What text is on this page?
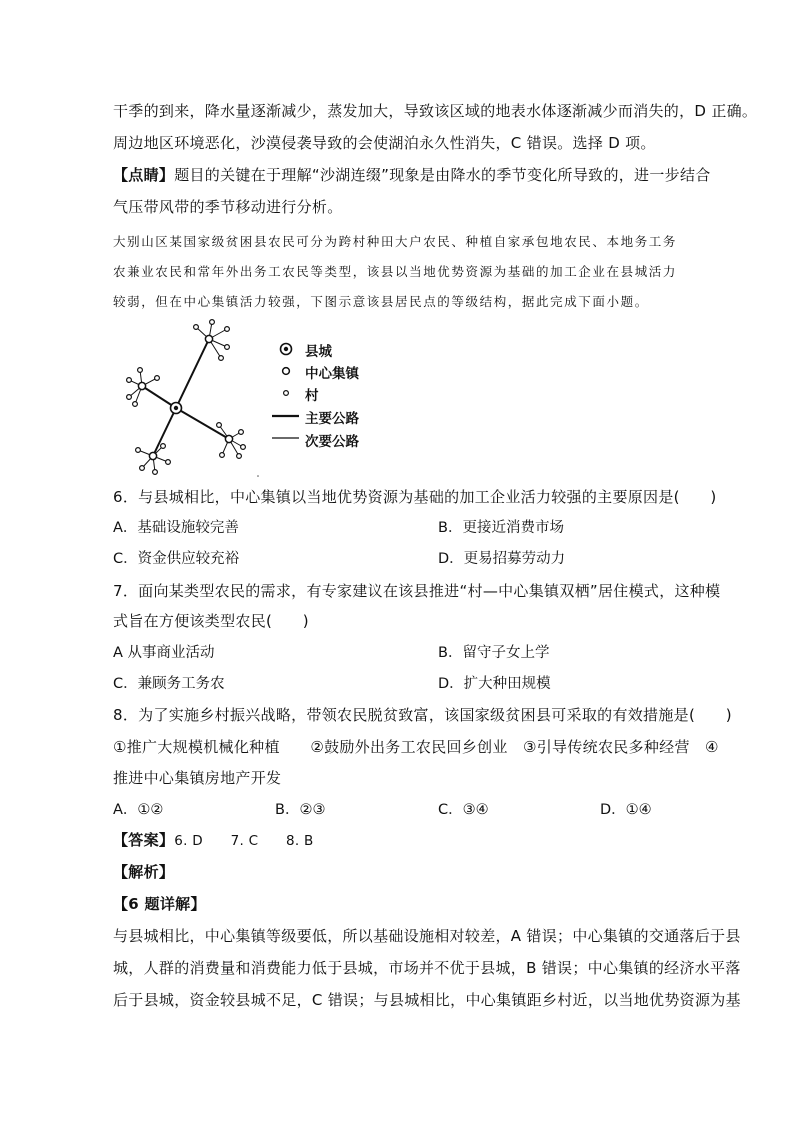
干季的到来，降水量逐渐减少，蒸发加大，导致该区域的地表水体逐渐减少而消失的，D 正确。
周边地区环境恶化，沙漠侵袭导致的会使湖泊永久性消失，C 错误。选择 D 项。
【点睛】题目的关键在于理解“沙湖连缀”现象是由降水的季节变化所导致的，进一步结合
气压带风带的季节移动进行分析。
大别山区某国家级贫困县农民可分为跨村种田大户农民、种植自家承包地农民、本地务工务
农兼业农民和常年外出务工农民等类型，该县以当地优势资源为基础的加工企业在县城活力
较弱，但在中心集镇活力较强，下图示意该县居民点的等级结构，据此完成下面小题。
县城
中心集镇
村
主要公路
次要公路
6．与县城相比，中心集镇以当地优势资源为基础的加工企业活力较强的主要原因是(　　)
A．基础设施较完善	B．更接近消费市场
C．资金供应较充裕	D．更易招募劳动力
7．面向某类型农民的需求，有专家建议在该县推进“村—中心集镇双栖”居住模式，这种模
式旨在方便该类型农民(　　)
A 从事商业活动	B．留守子女上学
C．兼顾务工务农	D．扩大种田规模
8．为了实施乡村振兴战略，带领农民脱贫致富，该国家级贫困县可采取的有效措施是(　　)
①推广大规模机械化种植　　②鼓励外出务工农民回乡创业　③引导传统农民多种经营　④
推进中心集镇房地产开发
A．①②	B．②③	C．③④	D．①④
【答案】6. D　　7. C　　8. B
【解析】
【6 题详解】
与县城相比，中心集镇等级要低，所以基础设施相对较差，A 错误；中心集镇的交通落后于县
城，人群的消费量和消费能力低于县城，市场并不优于县城，B 错误；中心集镇的经济水平落
后于县城，资金较县城不足，C 错误；与县城相比，中心集镇距乡村近，以当地优势资源为基
